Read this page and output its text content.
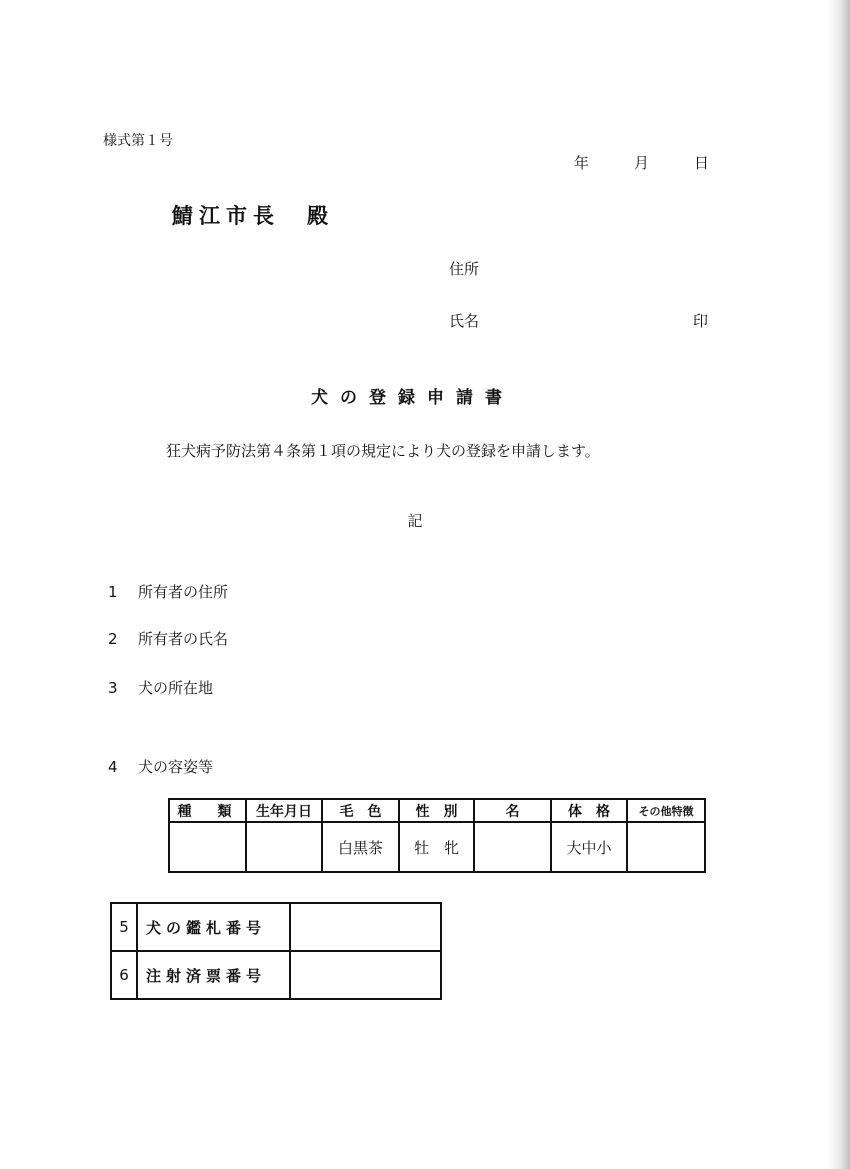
様式第１号
年	月	日
鯖江市長　殿
住所
氏名	印
犬の登録申請書
狂犬病予防法第４条第１項の規定により犬の登録を申請します。
記
1 所有者の住所
2 所有者の氏名
3 犬の所在地
4 犬の容姿等
種　類	生年月日	毛　色	性　別	名	体　格	その他特徴
		白黒茶	牡　牝		大中小	
5	犬の鑑札番号	
6	注射済票番号	
